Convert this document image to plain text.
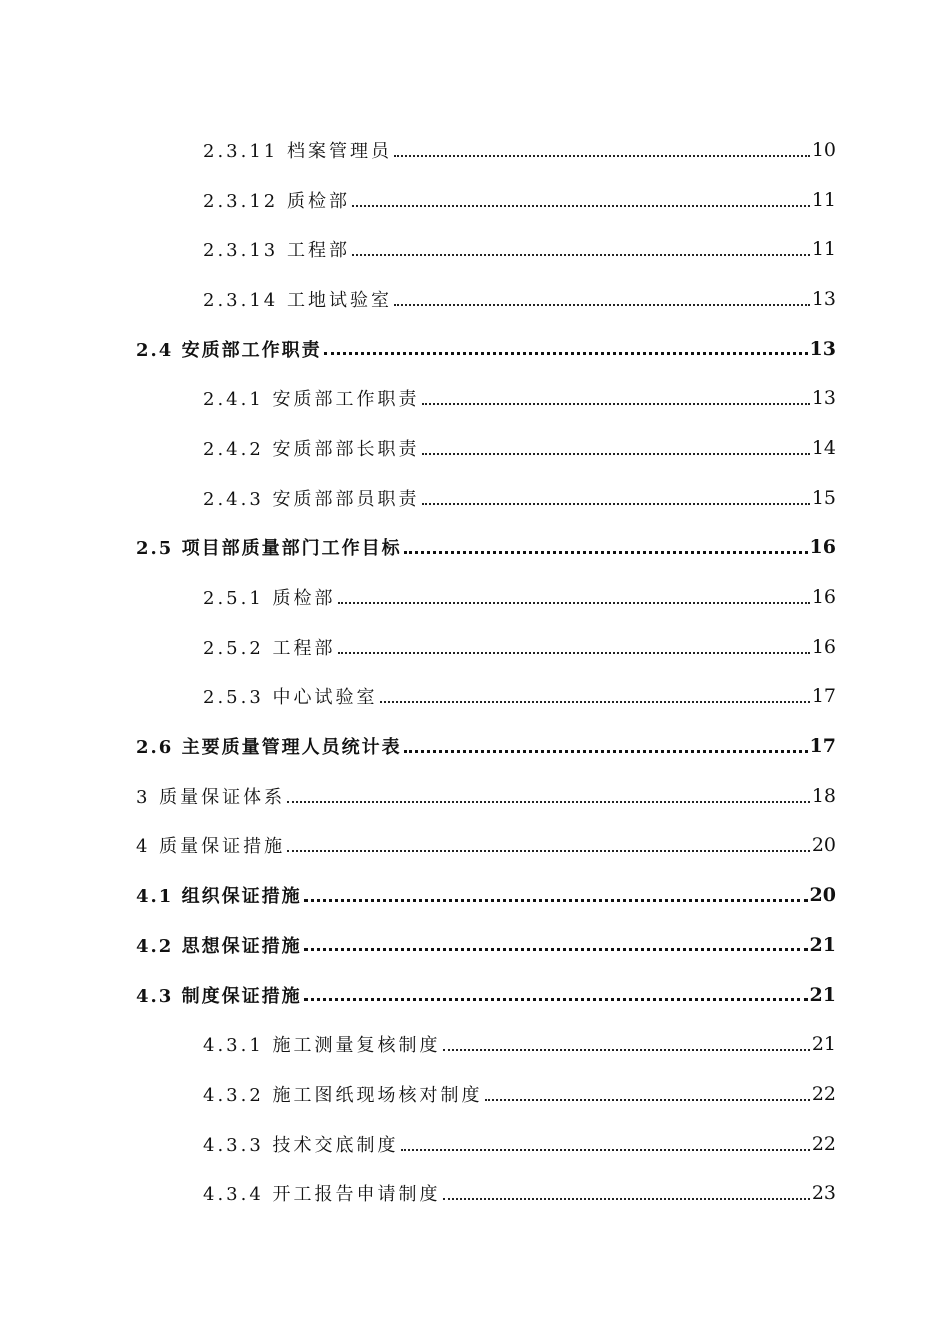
2.3.11 档案管理员	10
2.3.12 质检部	11
2.3.13 工程部	11
2.3.14 工地试验室	13
2.4 安质部工作职责	13
2.4.1 安质部工作职责	13
2.4.2 安质部部长职责	14
2.4.3 安质部部员职责	15
2.5 项目部质量部门工作目标	16
2.5.1 质检部	16
2.5.2 工程部	16
2.5.3 中心试验室	17
2.6 主要质量管理人员统计表	17
3 质量保证体系	18
4 质量保证措施	20
4.1 组织保证措施	20
4.2 思想保证措施	21
4.3 制度保证措施	21
4.3.1 施工测量复核制度	21
4.3.2 施工图纸现场核对制度	22
4.3.3 技术交底制度	22
4.3.4 开工报告申请制度	23
